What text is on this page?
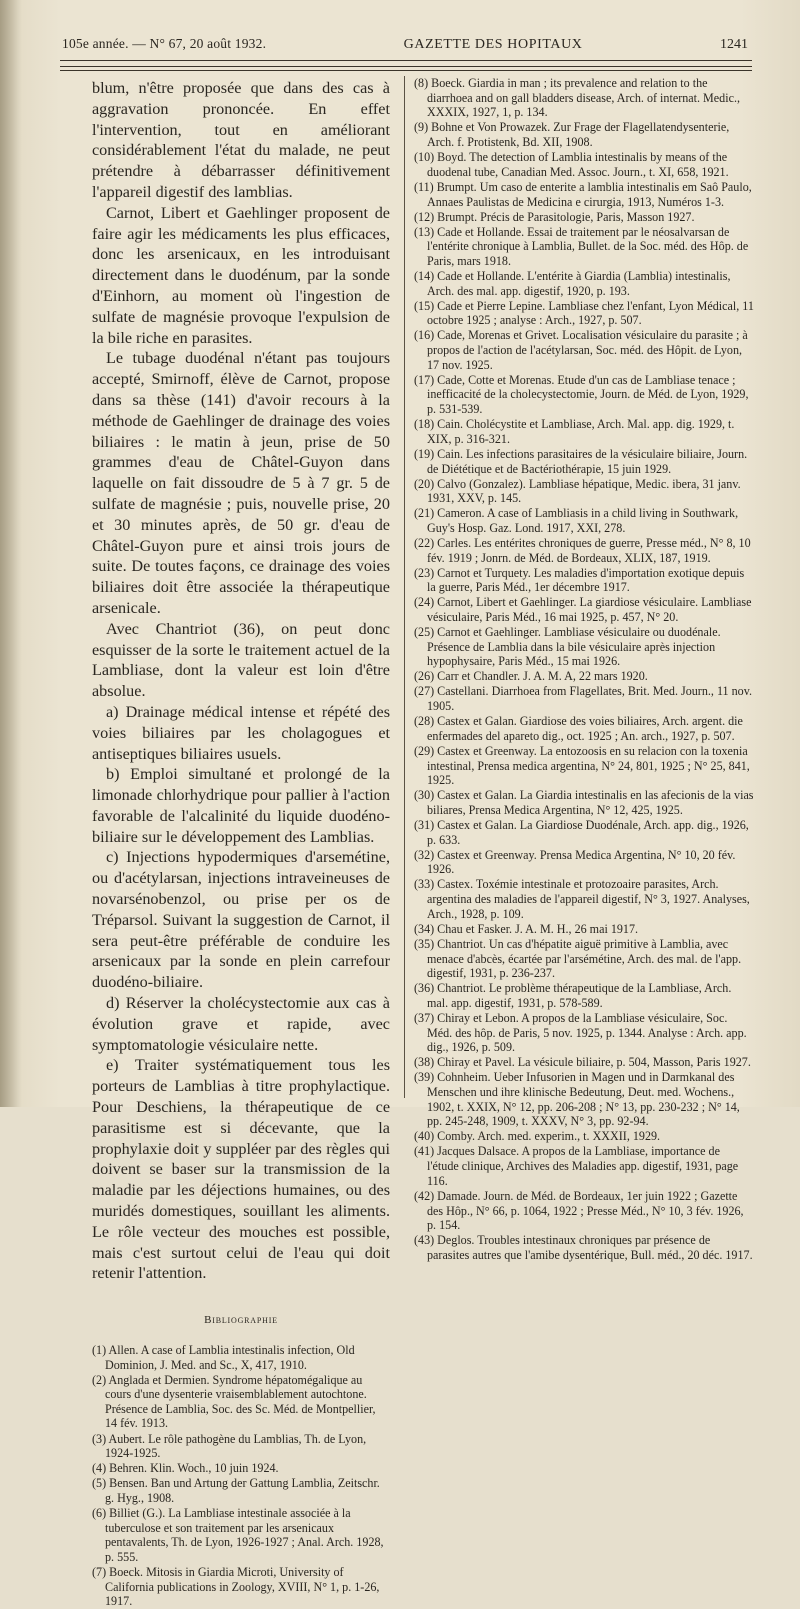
105e année. — N° 67, 20 août 1932.	GAZETTE DES HOPITAUX	1241

blum, n'être proposée que dans des cas à aggravation prononcée. En effet l'intervention, tout en améliorant considérablement l'état du malade, ne peut prétendre à débarrasser définitivement l'appareil digestif des lamblias.

Carnot, Libert et Gaehlinger proposent de faire agir les médicaments les plus efficaces, donc les arsenicaux, en les introduisant directement dans le duodénum, par la sonde d'Einhorn, au moment où l'ingestion de sulfate de magnésie provoque l'expulsion de la bile riche en parasites.

Le tubage duodénal n'étant pas toujours accepté, Smirnoff, élève de Carnot, propose dans sa thèse (141) d'avoir recours à la méthode de Gaehlinger de drainage des voies biliaires : le matin à jeun, prise de 50 grammes d'eau de Châtel-Guyon dans laquelle on fait dissoudre de 5 à 7 gr. 5 de sulfate de magnésie ; puis, nouvelle prise, 20 et 30 minutes après, de 50 gr. d'eau de Châtel-Guyon pure et ainsi trois jours de suite. De toutes façons, ce drainage des voies biliaires doit être associée la thérapeutique arsenicale.

Avec Chantriot (36), on peut donc esquisser de la sorte le traitement actuel de la Lambliase, dont la valeur est loin d'être absolue.

a) Drainage médical intense et répété des voies biliaires par les cholagogues et antiseptiques biliaires usuels.

b) Emploi simultané et prolongé de la limonade chlorhydrique pour pallier à l'action favorable de l'alcalinité du liquide duodéno-biliaire sur le développement des Lamblias.

c) Injections hypodermiques d'arsemétine, ou d'acétylarsan, injections intraveineuses de novarsénobenzol, ou prise per os de Tréparsol. Suivant la suggestion de Carnot, il sera peut-être préférable de conduire les arsenicaux par la sonde en plein carrefour duodéno-biliaire.

d) Réserver la cholécystectomie aux cas à évolution grave et rapide, avec symptomatologie vésiculaire nette.

e) Traiter systématiquement tous les porteurs de Lamblias à titre prophylactique. Pour Deschiens, la thérapeutique de ce parasitisme est si décevante, que la prophylaxie doit y suppléer par des règles qui doivent se baser sur la transmission de la maladie par les déjections humaines, ou des muridés domestiques, souillant les aliments. Le rôle vecteur des mouches est possible, mais c'est surtout celui de l'eau qui doit retenir l'attention.

Bibliographie
(1) Allen. A case of Lamblia intestinalis infection, Old Dominion, J. Med. and Sc., X, 417, 1910.
(2) Anglada et Dermien. Syndrome hépatomégalique au cours d'une dysenterie vraisemblablement autochtone. Présence de Lamblia, Soc. des Sc. Méd. de Montpellier, 14 fév. 1913.
(3) Aubert. Le rôle pathogène du Lamblias, Th. de Lyon, 1924-1925.
(4) Behren. Klin. Woch., 10 juin 1924.
(5) Bensen. Ban und Artung der Gattung Lamblia, Zeitschr. g. Hyg., 1908.
(6) Billiet (G.). La Lambliase intestinale associée à la tuberculose et son traitement par les arsenicaux pentavalents, Th. de Lyon, 1926-1927 ; Anal. Arch. 1928, p. 555.
(7) Boeck. Mitosis in Giardia Microti, University of California publications in Zoology, XVIII, N° 1, p. 1-26, 1917.
(8) Boeck. Giardia in man ; its prevalence and relation to the diarrhoea and on gall bladders disease, Arch. of internat. Medic., XXXIX, 1927, 1, p. 134.
(9) Bohne et Von Prowazek. Zur Frage der Flagellatendysenterie, Arch. f. Protistenk, Bd. XII, 1908.
(10) Boyd. The detection of Lamblia intestinalis by means of the duodenal tube, Canadian Med. Assoc. Journ., t. XI, 658, 1921.
(11) Brumpt. Um caso de enterite a lamblia intestinalis em Saô Paulo, Annaes Paulistas de Medicina e cirurgia, 1913, Numéros 1-3.
(12) Brumpt. Précis de Parasitologie, Paris, Masson 1927.
(13) Cade et Hollande. Essai de traitement par le néosalvarsan de l'entérite chronique à Lamblia, Bullet. de la Soc. méd. des Hôp. de Paris, mars 1918.
(14) Cade et Hollande. L'entérite à Giardia (Lamblia) intestinalis, Arch. des mal. app. digestif, 1920, p. 193.
(15) Cade et Pierre Lepine. Lambliase chez l'enfant, Lyon Médical, 11 octobre 1925 ; analyse : Arch., 1927, p. 507.
(16) Cade, Morenas et Grivet. Localisation vésiculaire du parasite ; à propos de l'action de l'acétylarsan, Soc. méd. des Hôpit. de Lyon, 17 nov. 1925.
(17) Cade, Cotte et Morenas. Etude d'un cas de Lambliase tenace ; inefficacité de la cholecystectomie, Journ. de Méd. de Lyon, 1929, p. 531-539.
(18) Cain. Cholécystite et Lambliase, Arch. Mal. app. dig. 1929, t. XIX, p. 316-321.
(19) Cain. Les infections parasitaires de la vésiculaire biliaire, Journ. de Diététique et de Bactériothérapie, 15 juin 1929.
(20) Calvo (Gonzalez). Lambliase hépatique, Medic. ibera, 31 janv. 1931, XXV, p. 145.
(21) Cameron. A case of Lambliasis in a child living in Southwark, Guy's Hosp. Gaz. Lond. 1917, XXI, 278.
(22) Carles. Les entérites chroniques de guerre, Presse méd., N° 8, 10 fév. 1919 ; Jonrn. de Méd. de Bordeaux, XLIX, 187, 1919.
(23) Carnot et Turquety. Les maladies d'importation exotique depuis la guerre, Paris Méd., 1er décembre 1917.
(24) Carnot, Libert et Gaehlinger. La giardiose vésiculaire. Lambliase vésiculaire, Paris Méd., 16 mai 1925, p. 457, N° 20.
(25) Carnot et Gaehlinger. Lambliase vésiculaire ou duodénale. Présence de Lamblia dans la bile vésiculaire après injection hypophysaire, Paris Méd., 15 mai 1926.
(26) Carr et Chandler. J. A. M. A, 22 mars 1920.
(27) Castellani. Diarrhoea from Flagellates, Brit. Med. Journ., 11 nov. 1905.
(28) Castex et Galan. Giardiose des voies biliaires, Arch. argent. die enfermades del apareto dig., oct. 1925 ; An. arch., 1927, p. 507.
(29) Castex et Greenway. La entozoosis en su relacion con la toxenia intestinal, Prensa medica argentina, N° 24, 801, 1925 ; N° 25, 841, 1925.
(30) Castex et Galan. La Giardia intestinalis en las afecionis de la vias biliares, Prensa Medica Argentina, N° 12, 425, 1925.
(31) Castex et Galan. La Giardiose Duodénale, Arch. app. dig., 1926, p. 633.
(32) Castex et Greenway. Prensa Medica Argentina, N° 10, 20 fév. 1926.
(33) Castex. Toxémie intestinale et protozoaire parasites, Arch. argentina des maladies de l'appareil digestif, N° 3, 1927. Analyses, Arch., 1928, p. 109.
(34) Chau et Fasker. J. A. M. H., 26 mai 1917.
(35) Chantriot. Un cas d'hépatite aiguë primitive à Lamblia, avec menace d'abcès, écartée par l'arsémétine, Arch. des mal. de l'app. digestif, 1931, p. 236-237.
(36) Chantriot. Le problème thérapeutique de la Lambliase, Arch. mal. app. digestif, 1931, p. 578-589.
(37) Chiray et Lebon. A propos de la Lambliase vésiculaire, Soc. Méd. des hôp. de Paris, 5 nov. 1925, p. 1344. Analyse : Arch. app. dig., 1926, p. 509.
(38) Chiray et Pavel. La vésicule biliaire, p. 504, Masson, Paris 1927.
(39) Cohnheim. Ueber Infusorien in Magen und in Darmkanal des Menschen und ihre klinische Bedeutung, Deut. med. Wochens., 1902, t. XXIX, N° 12, pp. 206-208 ; N° 13, pp. 230-232 ; N° 14, pp. 245-248, 1909, t. XXXV, N° 3, pp. 92-94.
(40) Comby. Arch. med. experim., t. XXXII, 1929.
(41) Jacques Dalsace. A propos de la Lambliase, importance de l'étude clinique, Archives des Maladies app. digestif, 1931, page 116.
(42) Damade. Journ. de Méd. de Bordeaux, 1er juin 1922 ; Gazette des Hôp., N° 66, p. 1064, 1922 ; Presse Méd., N° 10, 3 fév. 1926, p. 154.
(43) Deglos. Troubles intestinaux chroniques par présence de parasites autres que l'amibe dysentérique, Bull. méd., 20 déc. 1917.
